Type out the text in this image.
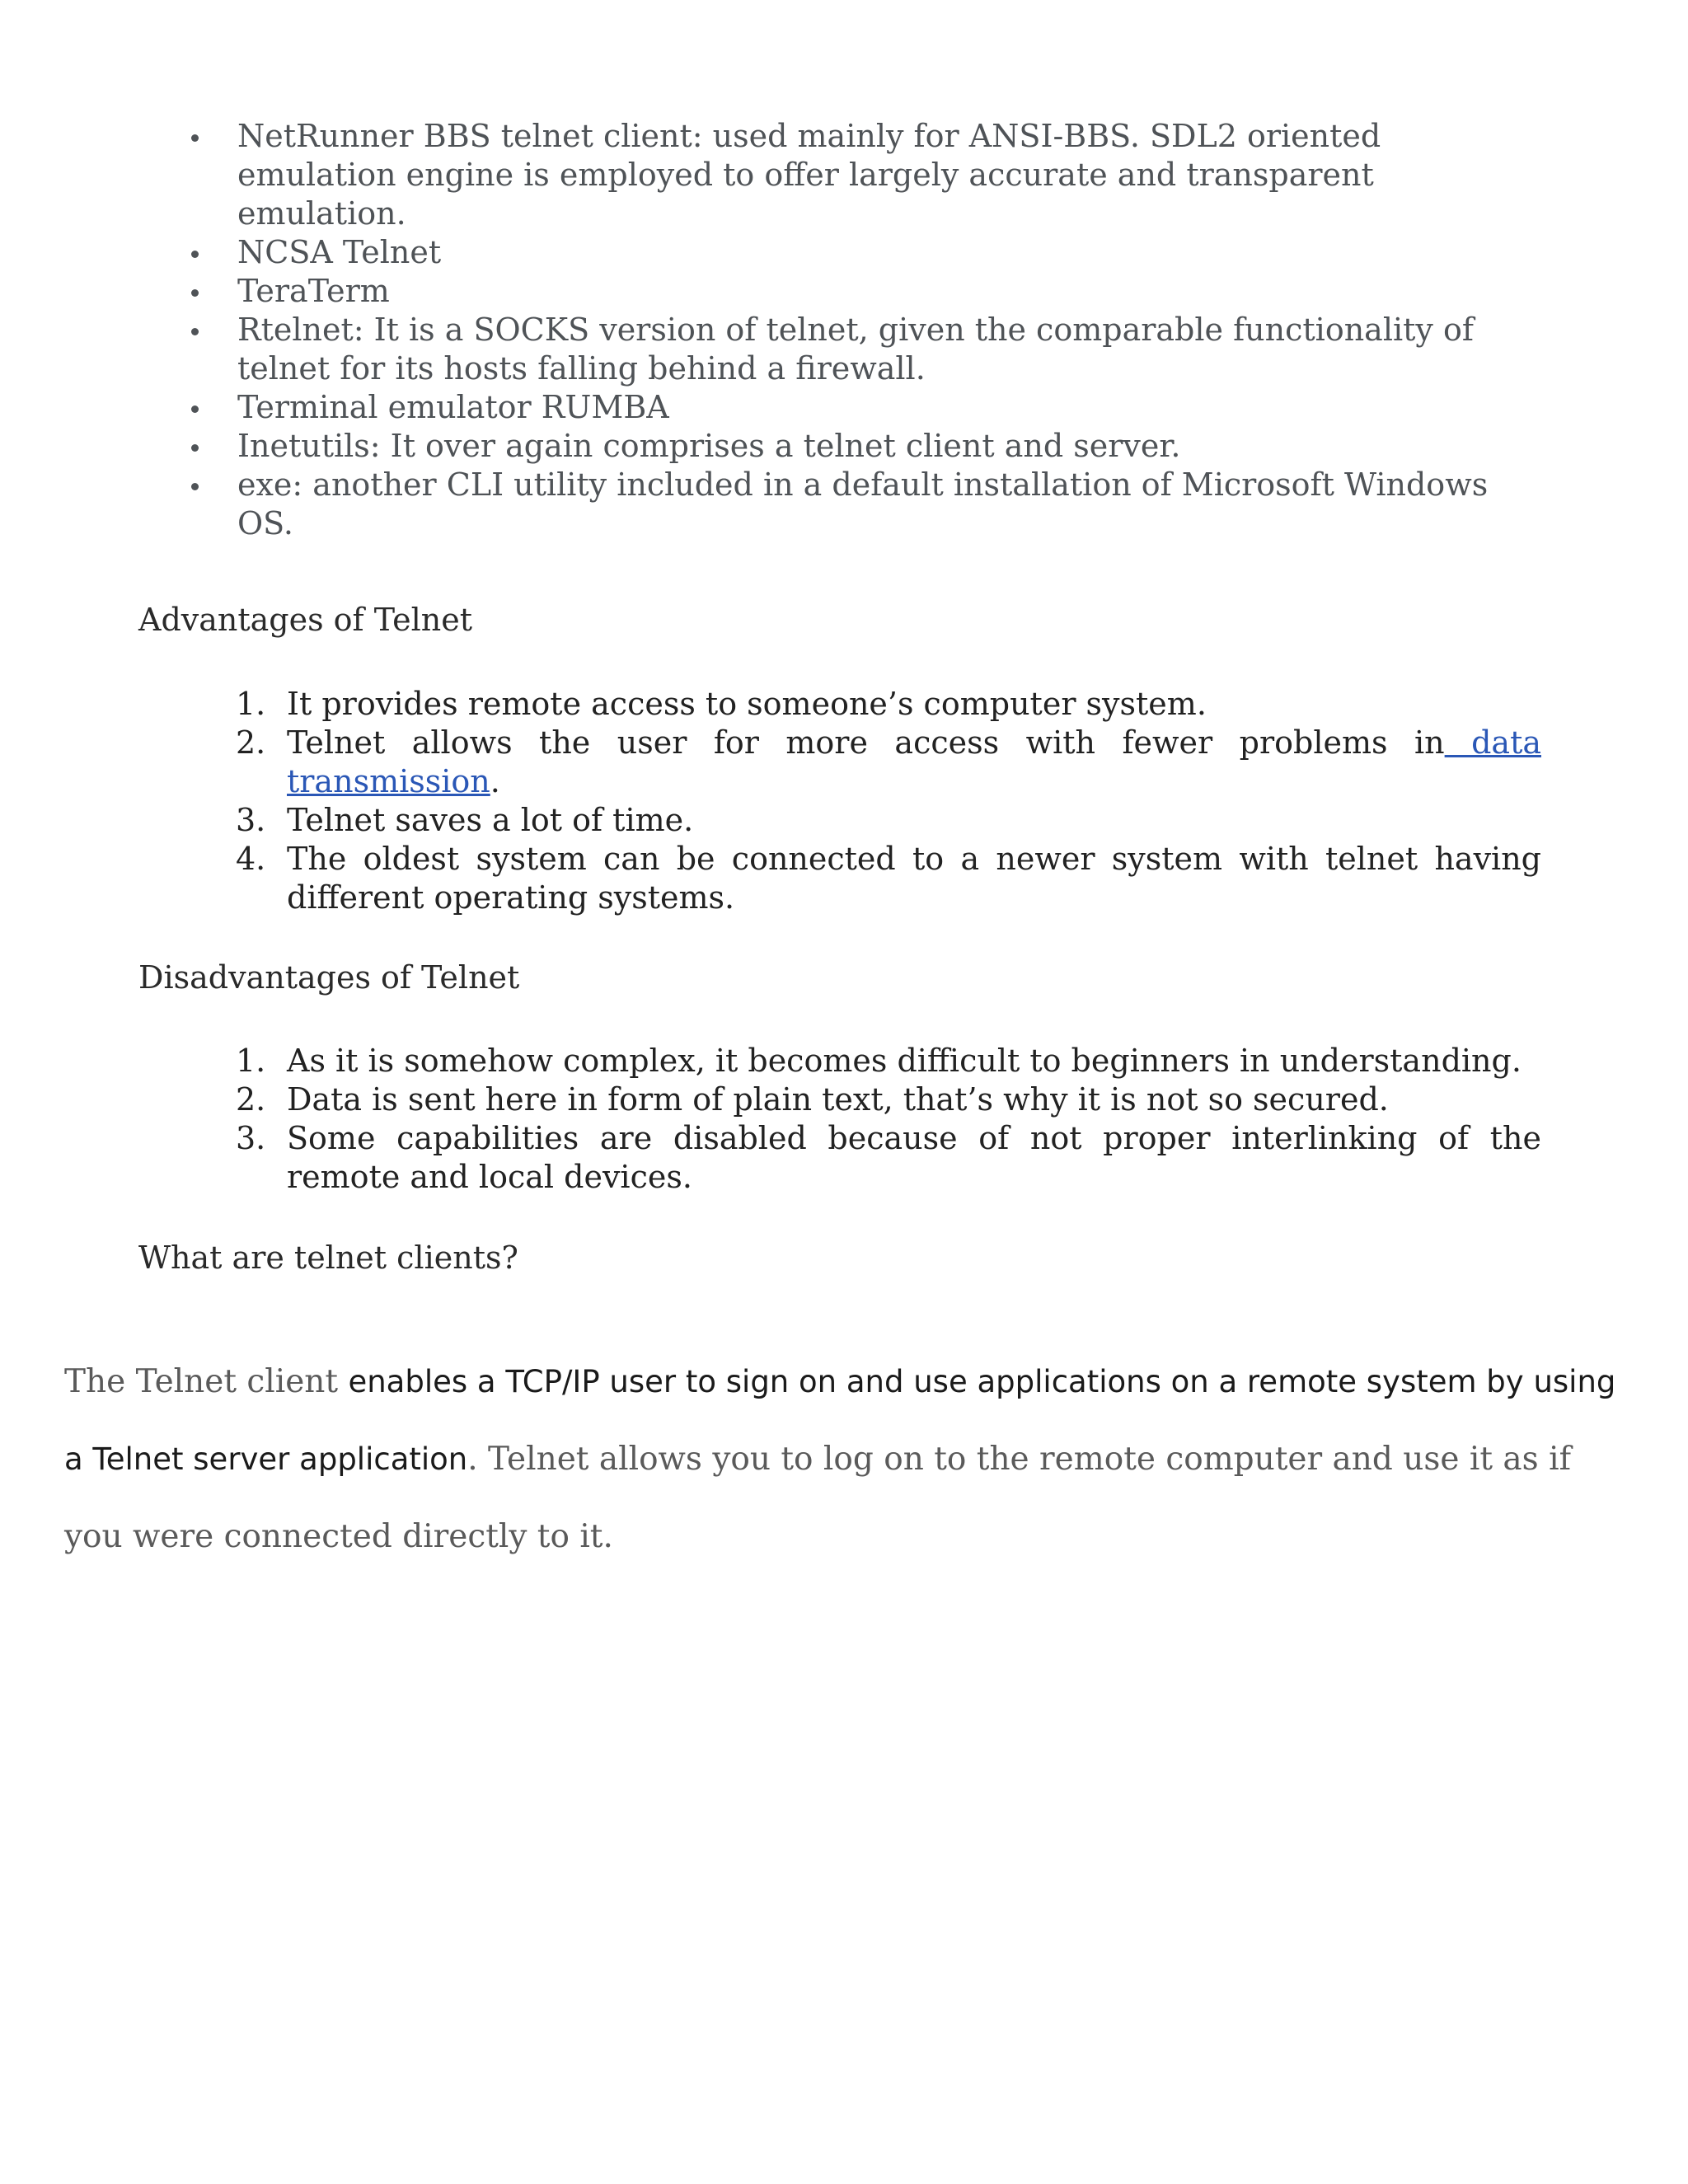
NetRunner BBS telnet client: used mainly for ANSI-BBS. SDL2 oriented emulation engine is employed to offer largely accurate and transparent emulation.
NCSA Telnet
TeraTerm
Rtelnet: It is a SOCKS version of telnet, given the comparable functionality of telnet for its hosts falling behind a firewall.
Terminal emulator RUMBA
Inetutils: It over again comprises a telnet client and server.
exe: another CLI utility included in a default installation of Microsoft Windows OS.
Advantages of Telnet
1. It provides remote access to someone’s computer system.
2. Telnet allows the user for more access with fewer problems in data transmission.
3. Telnet saves a lot of time.
4. The oldest system can be connected to a newer system with telnet having different operating systems.
Disadvantages of Telnet
1. As it is somehow complex, it becomes difficult to beginners in understanding.
2. Data is sent here in form of plain text, that’s why it is not so secured.
3. Some capabilities are disabled because of not proper interlinking of the remote and local devices.
What are telnet clients?

The Telnet client enables a TCP/IP user to sign on and use applications on a remote system by using a Telnet server application. Telnet allows you to log on to the remote computer and use it as if you were connected directly to it.
